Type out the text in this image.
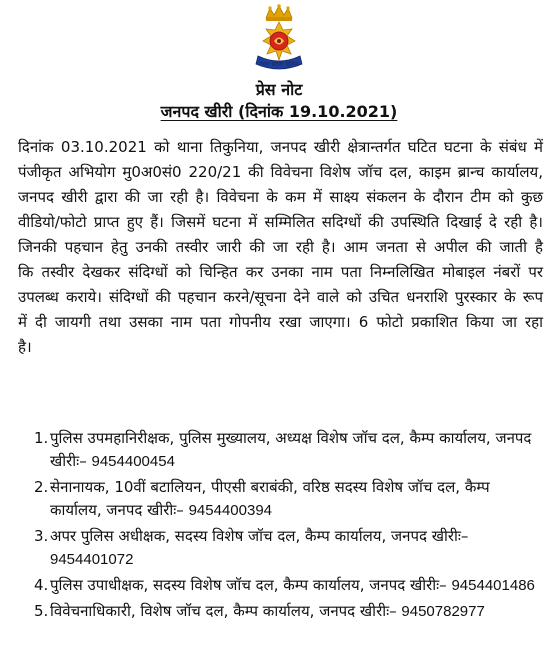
उत्तर प्रदेश पुलिस
प्रेस नोट
जनपद खीरी (दिनांक 19.10.2021)

दिनांक 03.10.2021 को थाना तिकुनिया, जनपद खीरी क्षेत्रान्तर्गत घटित घटना के संबंध में पंजीकृत अभियोग मु0अ0सं0 220/21 की विवेचना विशेष जॉच दल, काइम ब्रान्च कार्यालय, जनपद खीरी द्वारा की जा रही है। विवेचना के कम में साक्ष्य संकलन के दौरान टीम को कुछ वीडियो/फोटो प्राप्त हुए हैं। जिसमें घटना में सम्मिलित सदिग्धों की उपस्थिति दिखाई दे रही है। जिनकी पहचान हेतु उनकी तस्वीर जारी की जा रही है। आम जनता से अपील की जाती है कि तस्वीर देखकर संदिग्धों को चिन्हित कर उनका नाम पता निम्नलिखित मोबाइल नंबरों पर उपलब्ध कराये। संदिग्धों की पहचान करने/सूचना देने वाले को उचित धनराशि पुरस्कार के रूप में दी जायगी तथा उसका नाम पता गोपनीय रखा जाएगा। 6 फोटो प्रकाशित किया जा रहा है।

1. पुलिस उपमहानिरीक्षक, पुलिस मुख्यालय, अध्यक्ष विशेष जॉच दल, कैम्प कार्यालय, जनपद खीरीः– 9454400454
2. सेनानायक, 10वीं बटालियन, पीएसी बराबंकी, वरिष्ठ सदस्य विशेष जॉच दल, कैम्प कार्यालय, जनपद खीरीः– 9454400394
3. अपर पुलिस अधीक्षक, सदस्य विशेष जॉच दल, कैम्प कार्यालय, जनपद खीरीः– 9454401072
4. पुलिस उपाधीक्षक, सदस्य विशेष जॉच दल, कैम्प कार्यालय, जनपद खीरीः– 9454401486
5. विवेचनाधिकारी, विशेष जॉच दल, कैम्प कार्यालय, जनपद खीरीः– 9450782977
